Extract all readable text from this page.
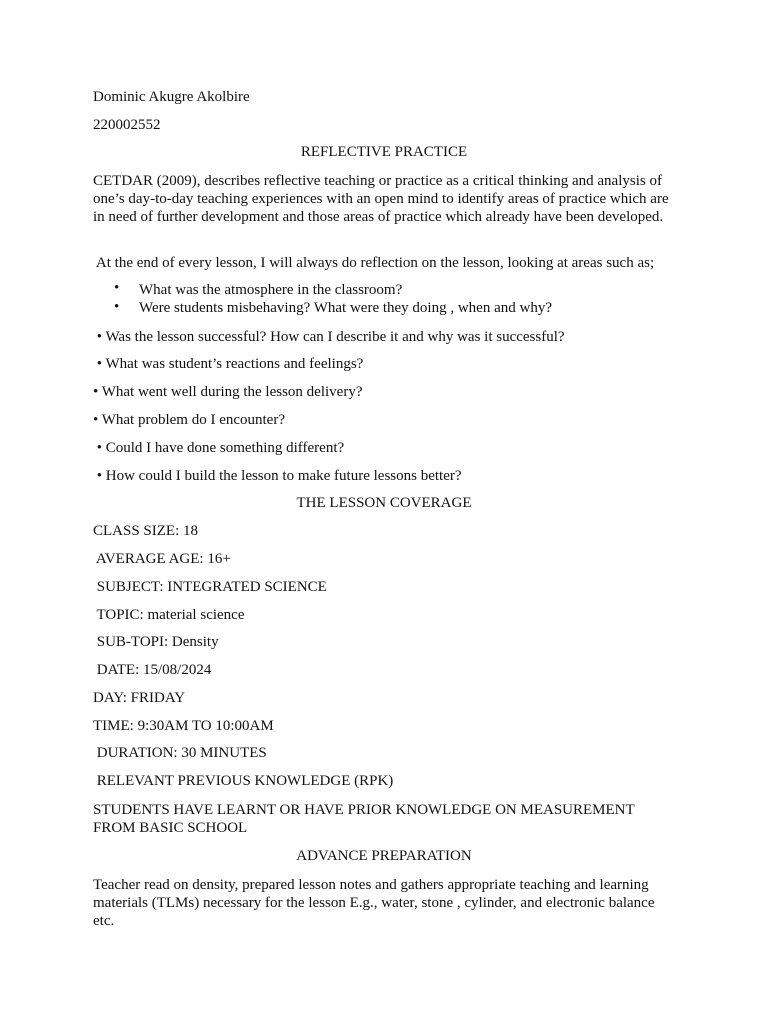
Dominic Akugre Akolbire
220002552
REFLECTIVE PRACTICE
CETDAR (2009), describes reflective teaching or practice as a critical thinking and analysis of one’s day-to-day teaching experiences with an open mind to identify areas of practice which are in need of further development and those areas of practice which already have been developed.
At the end of every lesson, I will always do reflection on the lesson, looking at areas such as;
• What was the atmosphere in the classroom?
• Were students misbehaving? What were they doing , when and why?
• Was the lesson successful? How can I describe it and why was it successful?
• What was student’s reactions and feelings?
• What went well during the lesson delivery?
• What problem do I encounter?
• Could I have done something different?
• How could I build the lesson to make future lessons better?
THE LESSON COVERAGE
CLASS SIZE: 18
AVERAGE AGE: 16+
SUBJECT: INTEGRATED SCIENCE
TOPIC: material science
SUB-TOPI: Density
DATE: 15/08/2024
DAY: FRIDAY
TIME: 9:30AM TO 10:00AM
DURATION: 30 MINUTES
RELEVANT PREVIOUS KNOWLEDGE (RPK)
STUDENTS HAVE LEARNT OR HAVE PRIOR KNOWLEDGE ON MEASUREMENT FROM BASIC SCHOOL
ADVANCE PREPARATION
Teacher read on density, prepared lesson notes and gathers appropriate teaching and learning materials (TLMs) necessary for the lesson E.g., water, stone , cylinder, and electronic balance etc.
